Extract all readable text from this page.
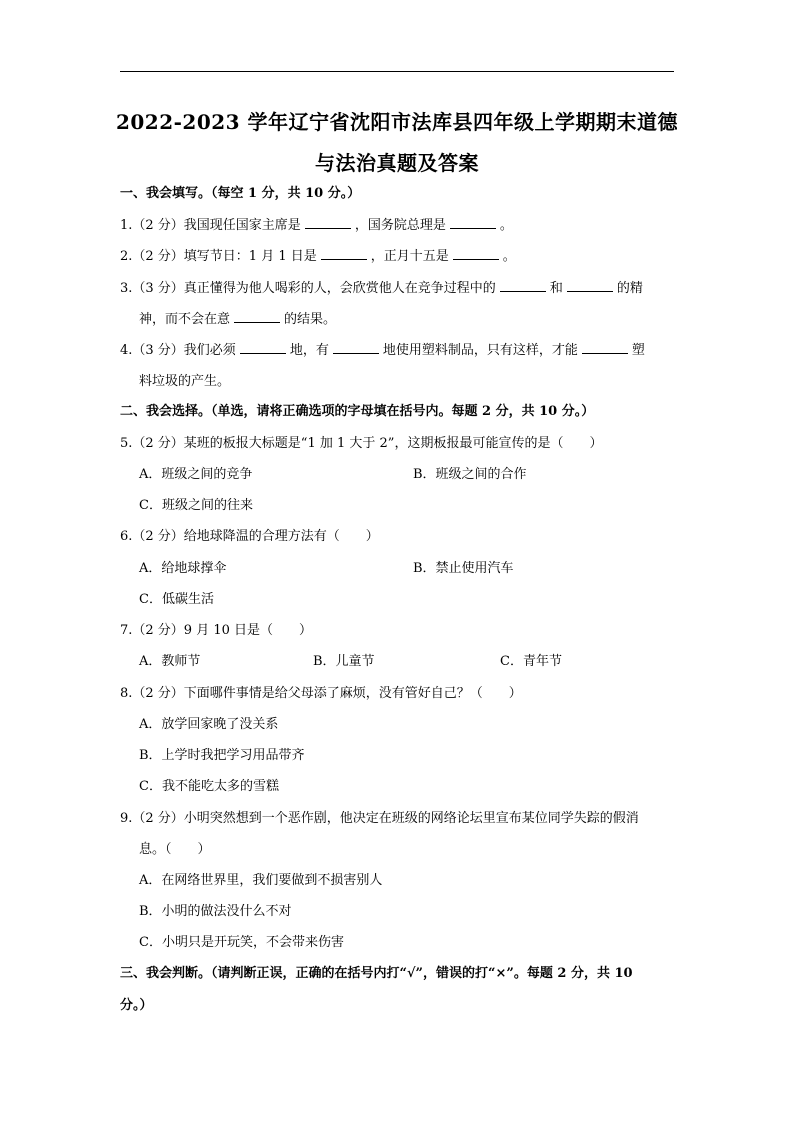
2022-2023 学年辽宁省沈阳市法库县四年级上学期期末道德
与法治真题及答案
一、我会填写。（每空 1 分，共 10 分。）
1.（2 分）我国现任国家主席是	，国务院总理是	。
2.（2 分）填写节日：1 月 1 日是	，正月十五是	。
3.（3 分）真正懂得为他人喝彩的人，会欣赏他人在竞争过程中的	和	的精
神，而不会在意	的结果。
4.（3 分）我们必须	地，有	地使用塑料制品，只有这样，才能	塑
料垃圾的产生。
二、我会选择。（单选，请将正确选项的字母填在括号内。每题 2 分，共 10 分。）
5.（2 分）某班的板报大标题是“1 加 1 大于 2”，这期板报最可能宣传的是（　　）
A．班级之间的竞争	B．班级之间的合作
C．班级之间的往来
6.（2 分）给地球降温的合理方法有（　　）
A．给地球撑伞	B．禁止使用汽车
C．低碳生活
7.（2 分）9 月 10 日是（　　）
A．教师节	B．儿童节	C．青年节
8.（2 分）下面哪件事情是给父母添了麻烦，没有管好自己？（　　）
A．放学回家晚了没关系
B．上学时我把学习用品带齐
C．我不能吃太多的雪糕
9.（2 分）小明突然想到一个恶作剧，他决定在班级的网络论坛里宣布某位同学失踪的假消
息。（　　）
A．在网络世界里，我们要做到不损害别人
B．小明的做法没什么不对
C．小明只是开玩笑，不会带来伤害
三、我会判断。（请判断正误，正确的在括号内打“√”，错误的打“×”。每题 2 分，共 10
分。）
